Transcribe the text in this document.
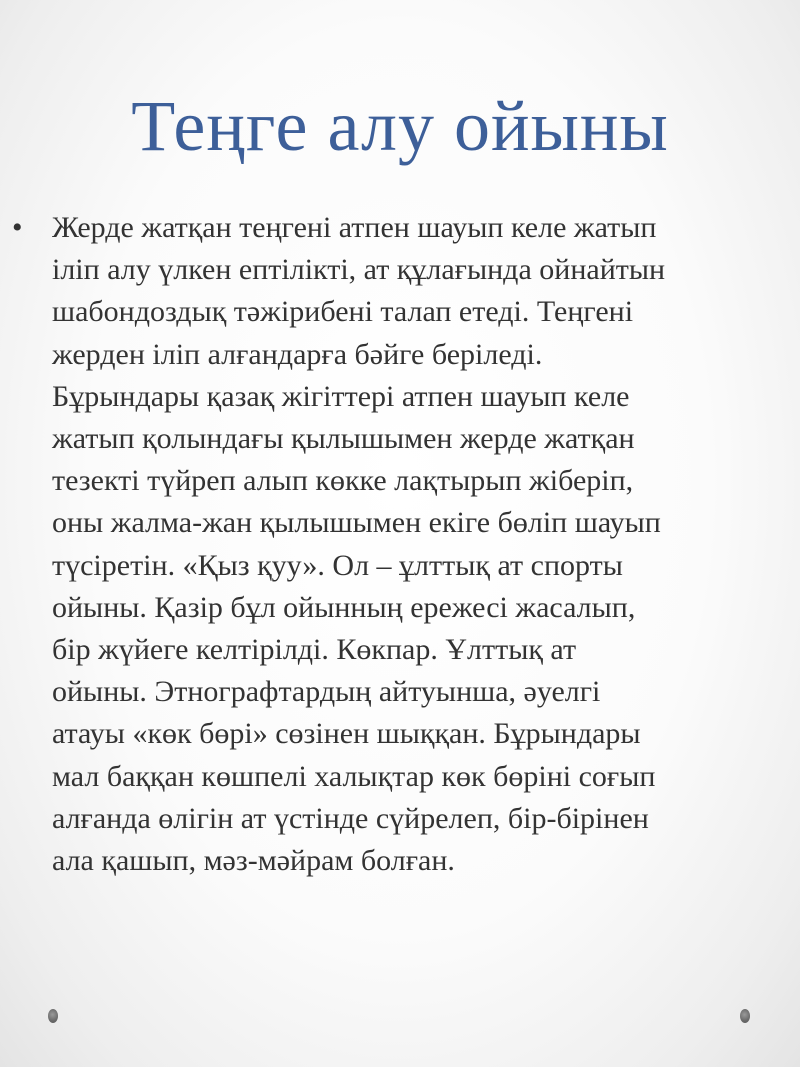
Теңге алу ойыны
• Жерде жатқан теңгені атпен шауып келе жатып
іліп алу үлкен ептілікті, ат құлағында ойнайтын
шабондоздық тәжірибені талап етеді. Теңгені
жерден іліп алғандарға бәйге беріледі.
Бұрындары қазақ жігіттері атпен шауып келе
жатып қолындағы қылышымен жерде жатқан
тезекті түйреп алып көкке лақтырып жіберіп,
оны жалма-жан қылышымен екіге бөліп шауып
түсіретін. «Қыз қуу». Ол – ұлттық ат спорты
ойыны. Қазір бұл ойынның ережесі жасалып,
бір жүйеге келтірілді. Көкпар. Ұлттық ат
ойыны. Этнографтардың айтуынша, әуелгі
атауы «көк бөрі» сөзінен шыққан. Бұрындары
мал баққан көшпелі халықтар көк бөріні соғып
алғанда өлігін ат үстінде сүйрелеп, бір-бірінен
ала қашып, мәз-мәйрам болған.
